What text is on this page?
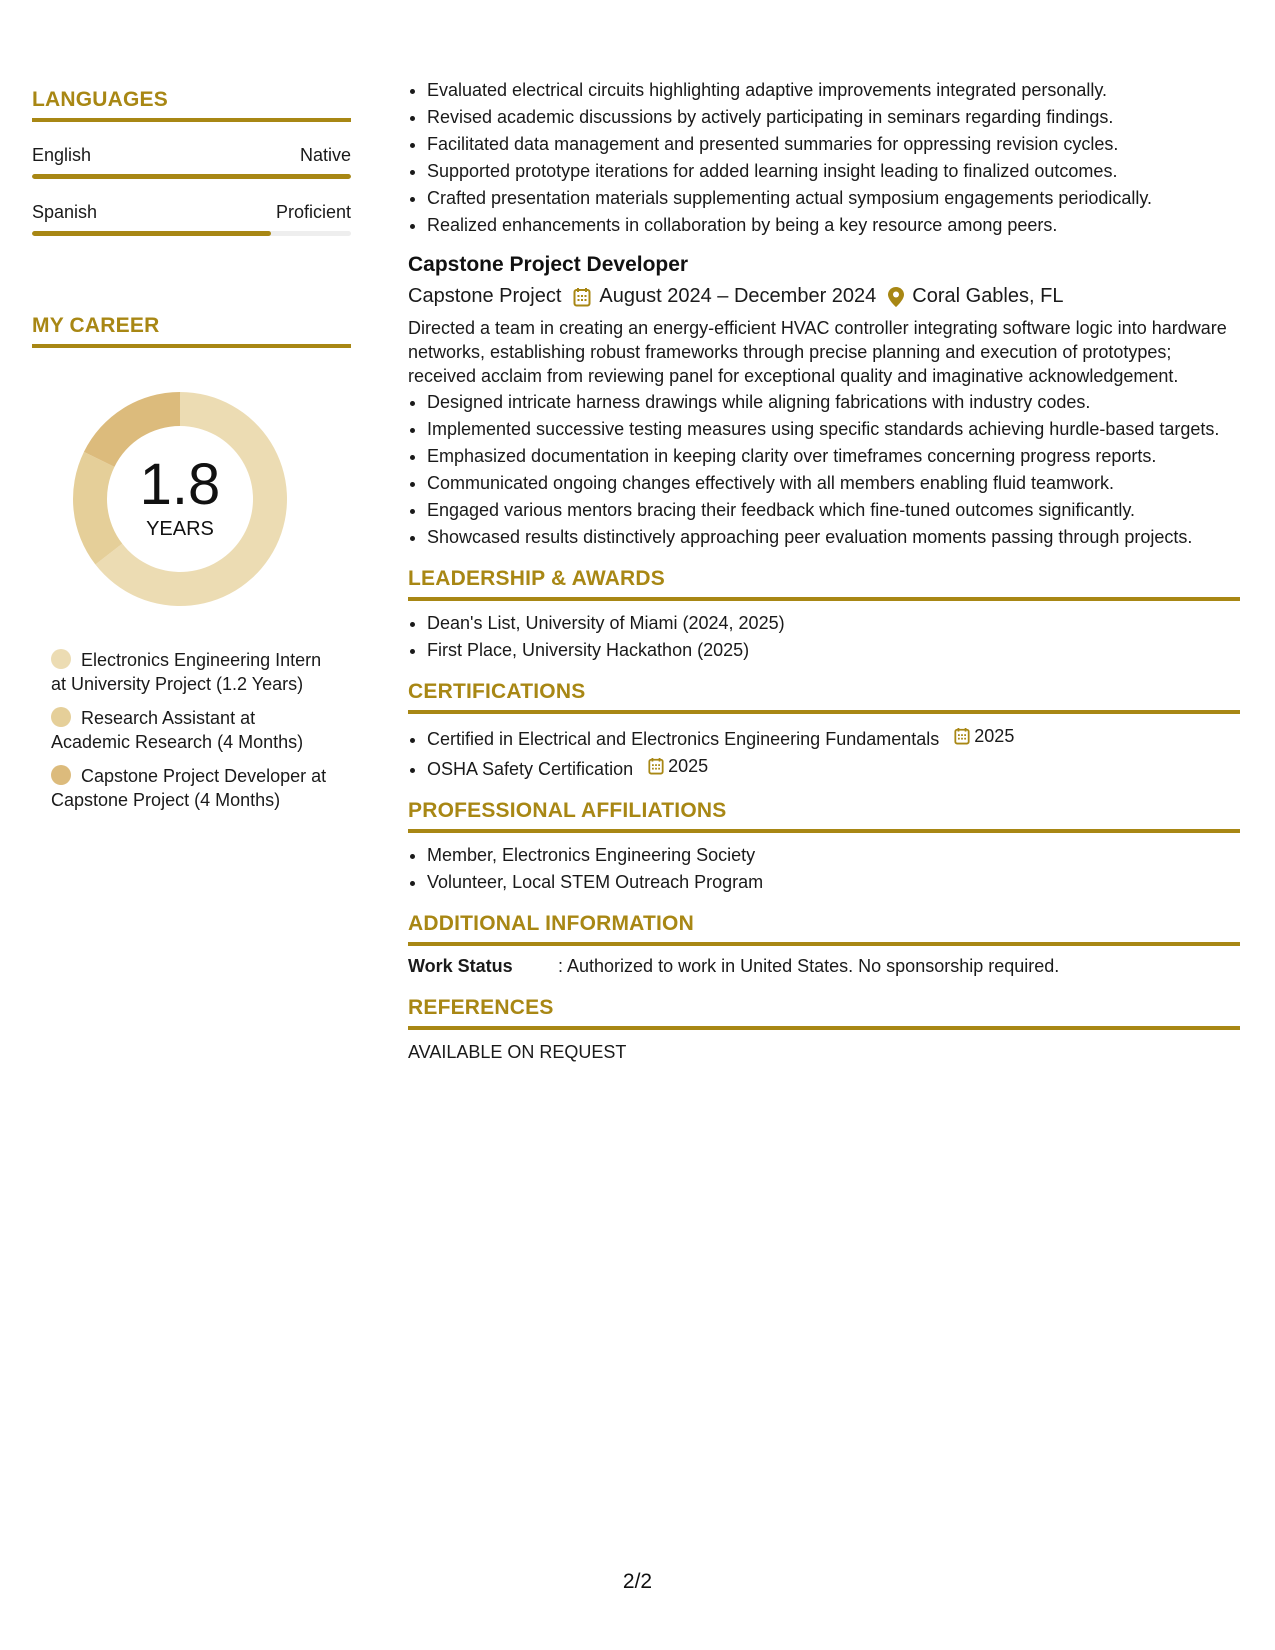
LANGUAGES
English	Native
Spanish	Proficient
MY CAREER
1.8
YEARS
Electronics Engineering Intern at University Project (1.2 Years)
Research Assistant at Academic Research (4 Months)
Capstone Project Developer at Capstone Project (4 Months)
• Evaluated electrical circuits highlighting adaptive improvements integrated personally.
• Revised academic discussions by actively participating in seminars regarding findings.
• Facilitated data management and presented summaries for oppressing revision cycles.
• Supported prototype iterations for added learning insight leading to finalized outcomes.
• Crafted presentation materials supplementing actual symposium engagements periodically.
• Realized enhancements in collaboration by being a key resource among peers.
Capstone Project Developer
Capstone Project August 2024 – December 2024 Coral Gables, FL
Directed a team in creating an energy-efficient HVAC controller integrating software logic into hardware networks, establishing robust frameworks through precise planning and execution of prototypes; received acclaim from reviewing panel for exceptional quality and imaginative acknowledgement.
• Designed intricate harness drawings while aligning fabrications with industry codes.
• Implemented successive testing measures using specific standards achieving hurdle-based targets.
• Emphasized documentation in keeping clarity over timeframes concerning progress reports.
• Communicated ongoing changes effectively with all members enabling fluid teamwork.
• Engaged various mentors bracing their feedback which fine-tuned outcomes significantly.
• Showcased results distinctively approaching peer evaluation moments passing through projects.
LEADERSHIP & AWARDS
• Dean's List, University of Miami (2024, 2025)
• First Place, University Hackathon (2025)
CERTIFICATIONS
• Certified in Electrical and Electronics Engineering Fundamentals 2025
• OSHA Safety Certification 2025
PROFESSIONAL AFFILIATIONS
• Member, Electronics Engineering Society
• Volunteer, Local STEM Outreach Program
ADDITIONAL INFORMATION
Work Status	: Authorized to work in United States. No sponsorship required.
REFERENCES
AVAILABLE ON REQUEST
2/2
